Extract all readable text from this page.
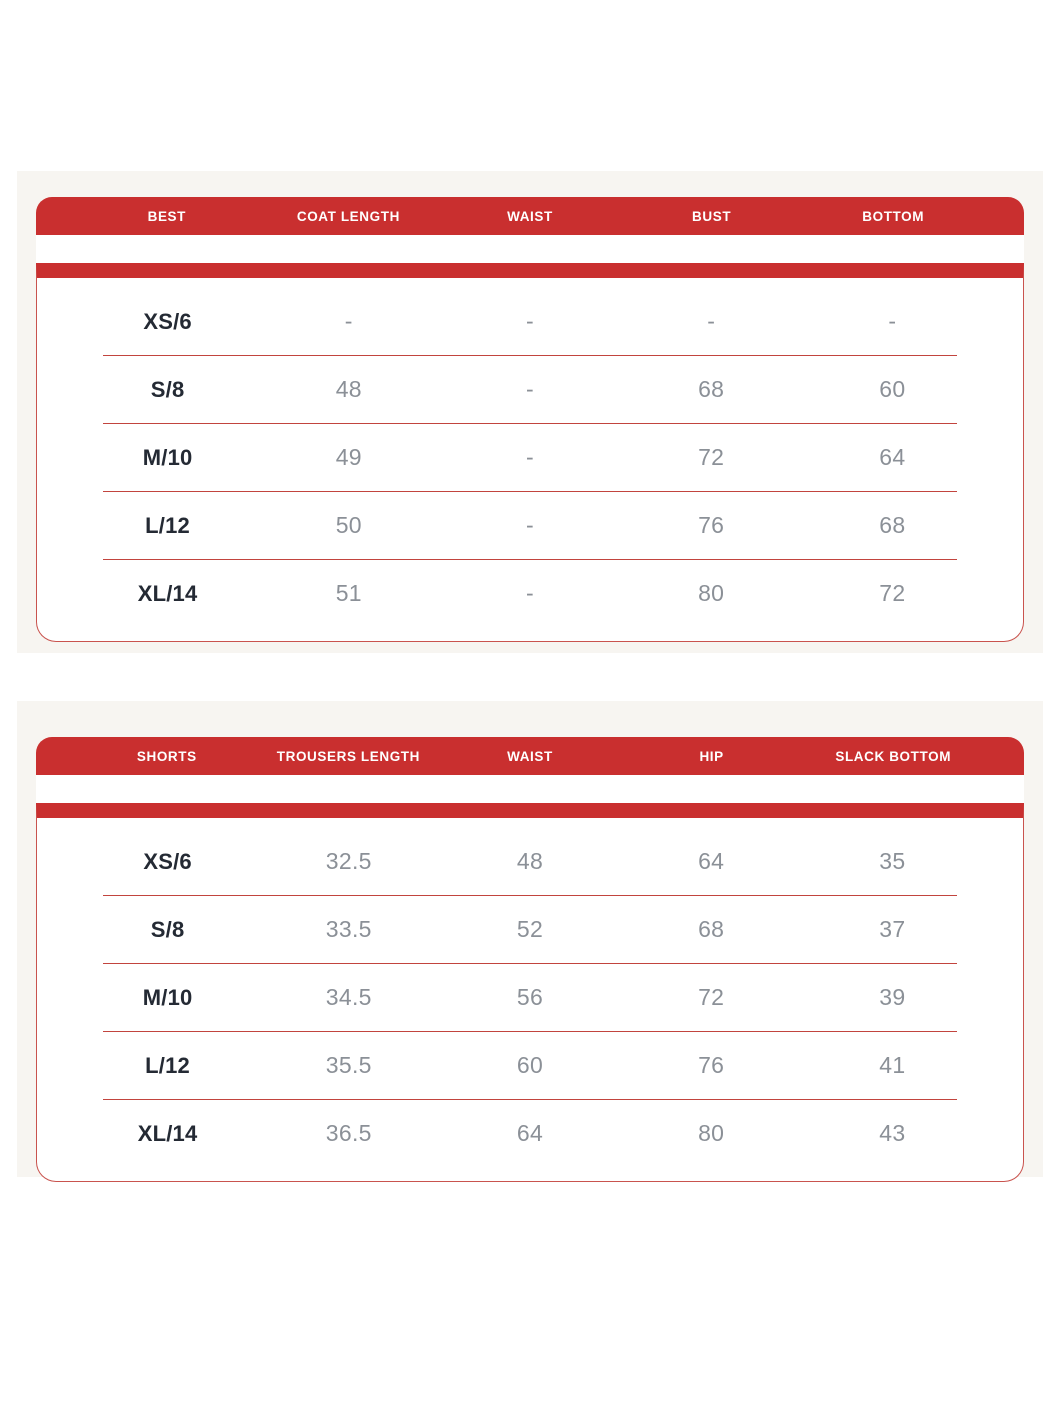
BEST	COAT LENGTH	WAIST	BUST	BOTTOM
XS/6	-	-	-	-
S/8	48	-	68	60
M/10	49	-	72	64
L/12	50	-	76	68
XL/14	51	-	80	72
SHORTS	TROUSERS LENGTH	WAIST	HIP	SLACK BOTTOM
XS/6	32.5	48	64	35
S/8	33.5	52	68	37
M/10	34.5	56	72	39
L/12	35.5	60	76	41
XL/14	36.5	64	80	43
